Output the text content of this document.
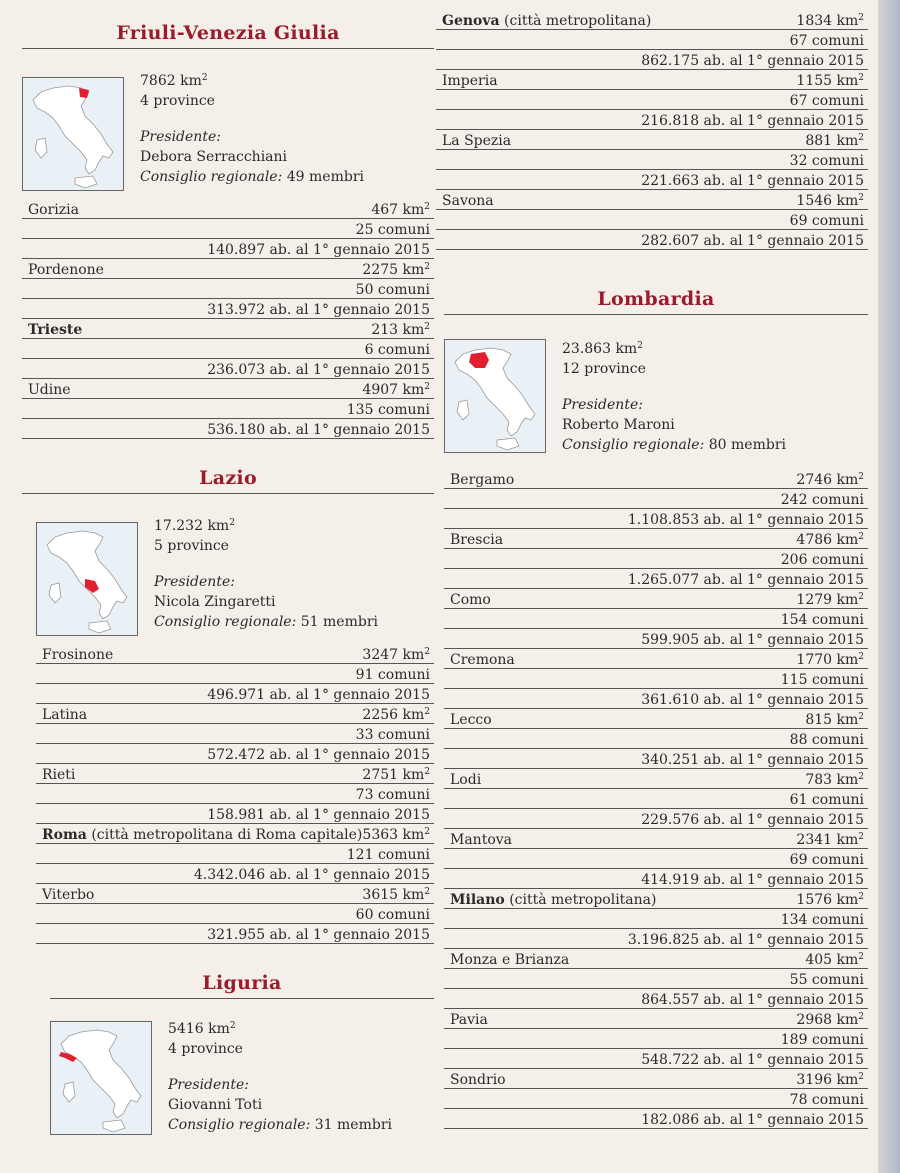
Friuli-Venezia Giulia
7862 $km^2$
4 province
Presidente:
Debora Serracchiani
Consiglio regionale: 49 membri
Gorizia	467 $km^2$
25 comuni
140.897 ab. al 1° gennaio 2015
Pordenone	2275 $km^2$
50 comuni
313.972 ab. al 1° gennaio 2015
Trieste	213 $km^2$
6 comuni
236.073 ab. al 1° gennaio 2015
Udine	4907 $km^2$
135 comuni
536.180 ab. al 1° gennaio 2015
Lazio
17.232 $km^2$
5 province
Presidente:
Nicola Zingaretti
Consiglio regionale: 51 membri
Frosinone	3247 $km^2$
91 comuni
496.971 ab. al 1° gennaio 2015
Latina	2256 $km^2$
33 comuni
572.472 ab. al 1° gennaio 2015
Rieti	2751 $km^2$
73 comuni
158.981 ab. al 1° gennaio 2015
Roma (città metropolitana di Roma capitale) 5363 $km^2$
121 comuni
4.342.046 ab. al 1° gennaio 2015
Viterbo	3615 $km^2$
60 comuni
321.955 ab. al 1° gennaio 2015
Liguria
5416 $km^2$
4 province
Presidente:
Giovanni Toti
Consiglio regionale: 31 membri
Genova (città metropolitana)	1834 $km^2$
67 comuni
862.175 ab. al 1° gennaio 2015
Imperia	1155 $km^2$
67 comuni
216.818 ab. al 1° gennaio 2015
La Spezia	881 $km^2$
32 comuni
221.663 ab. al 1° gennaio 2015
Savona	1546 $km^2$
69 comuni
282.607 ab. al 1° gennaio 2015
Lombardia
23.863 $km^2$
12 province
Presidente:
Roberto Maroni
Consiglio regionale: 80 membri
Bergamo	2746 $km^2$
242 comuni
1.108.853 ab. al 1° gennaio 2015
Brescia	4786 $km^2$
206 comuni
1.265.077 ab. al 1° gennaio 2015
Como	1279 $km^2$
154 comuni
599.905 ab. al 1° gennaio 2015
Cremona	1770 $km^2$
115 comuni
361.610 ab. al 1° gennaio 2015
Lecco	815 $km^2$
88 comuni
340.251 ab. al 1° gennaio 2015
Lodi	783 $km^2$
61 comuni
229.576 ab. al 1° gennaio 2015
Mantova	2341 $km^2$
69 comuni
414.919 ab. al 1° gennaio 2015
Milano (città metropolitana)	1576 $km^2$
134 comuni
3.196.825 ab. al 1° gennaio 2015
Monza e Brianza	405 $km^2$
55 comuni
864.557 ab. al 1° gennaio 2015
Pavia	2968 $km^2$
189 comuni
548.722 ab. al 1° gennaio 2015
Sondrio	3196 $km^2$
78 comuni
182.086 ab. al 1° gennaio 2015
